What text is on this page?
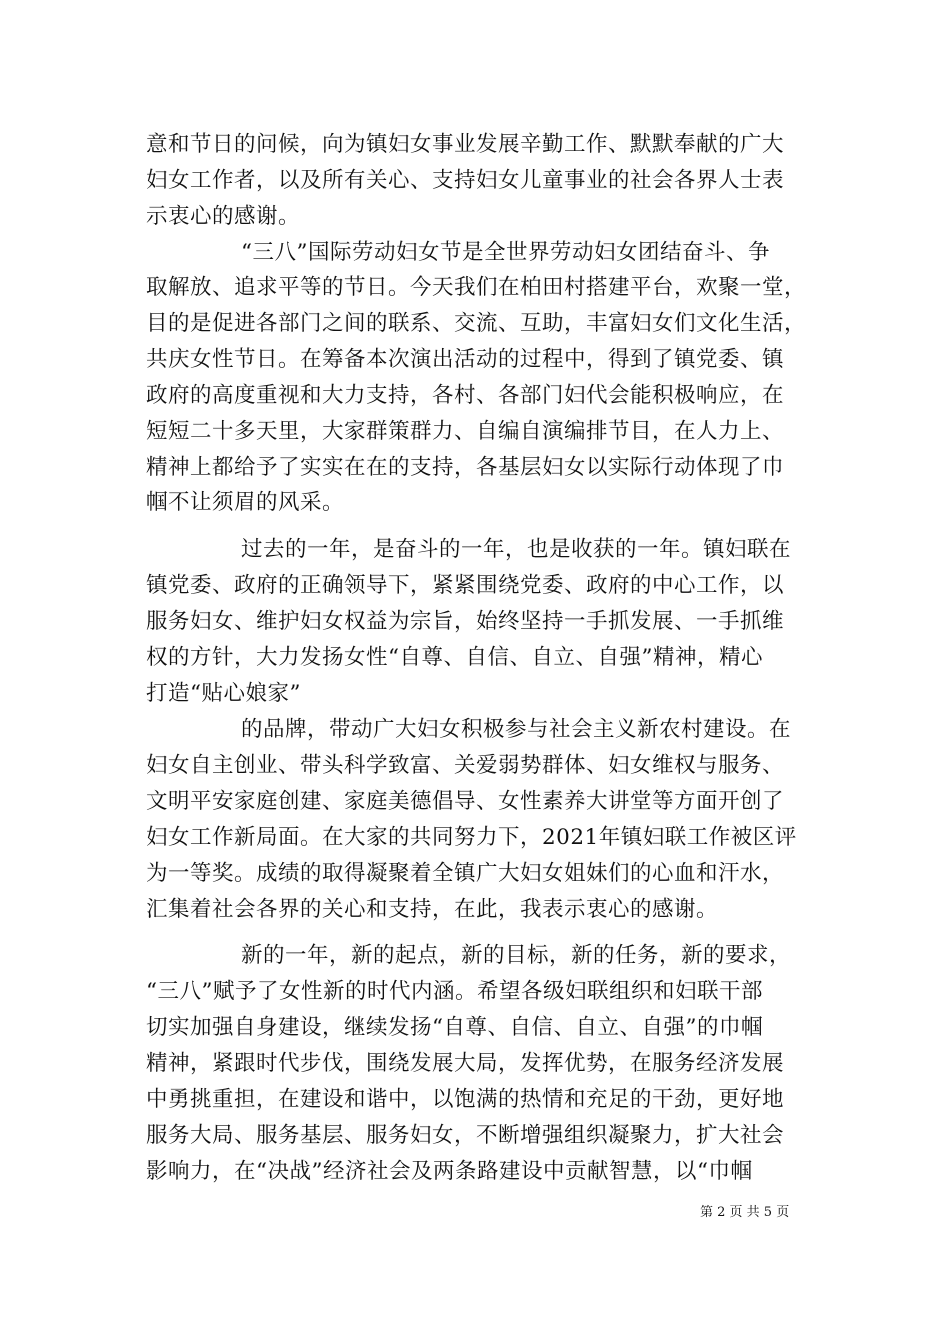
意和节日的问候，向为镇妇女事业发展辛勤工作、默默奉献的广大
妇女工作者，以及所有关心、支持妇女儿童事业的社会各界人士表
示衷心的感谢。
“三八”国际劳动妇女节是全世界劳动妇女团结奋斗、争
取解放、追求平等的节日。今天我们在柏田村搭建平台，欢聚一堂，
目的是促进各部门之间的联系、交流、互助，丰富妇女们文化生活，
共庆女性节日。在筹备本次演出活动的过程中，得到了镇党委、镇
政府的高度重视和大力支持，各村、各部门妇代会能积极响应，在
短短二十多天里，大家群策群力、自编自演编排节目，在人力上、
精神上都给予了实实在在的支持，各基层妇女以实际行动体现了巾
帼不让须眉的风采。
过去的一年，是奋斗的一年，也是收获的一年。镇妇联在
镇党委、政府的正确领导下，紧紧围绕党委、政府的中心工作，以
服务妇女、维护妇女权益为宗旨，始终坚持一手抓发展、一手抓维
权的方针，大力发扬女性“自尊、自信、自立、自强”精神，精心
打造“贴心娘家”
的品牌，带动广大妇女积极参与社会主义新农村建设。在
妇女自主创业、带头科学致富、关爱弱势群体、妇女维权与服务、
文明平安家庭创建、家庭美德倡导、女性素养大讲堂等方面开创了
妇女工作新局面。在大家的共同努力下，2021年镇妇联工作被区评
为一等奖。成绩的取得凝聚着全镇广大妇女姐妹们的心血和汗水，
汇集着社会各界的关心和支持，在此，我表示衷心的感谢。
新的一年，新的起点，新的目标，新的任务，新的要求，
“三八”赋予了女性新的时代内涵。希望各级妇联组织和妇联干部
切实加强自身建设，继续发扬“自尊、自信、自立、自强”的巾帼
精神，紧跟时代步伐，围绕发展大局，发挥优势，在服务经济发展
中勇挑重担，在建设和谐中，以饱满的热情和充足的干劲，更好地
服务大局、服务基层、服务妇女，不断增强组织凝聚力，扩大社会
影响力，在“决战”经济社会及两条路建设中贡献智慧，以“巾帼
第 2 页 共 5 页
